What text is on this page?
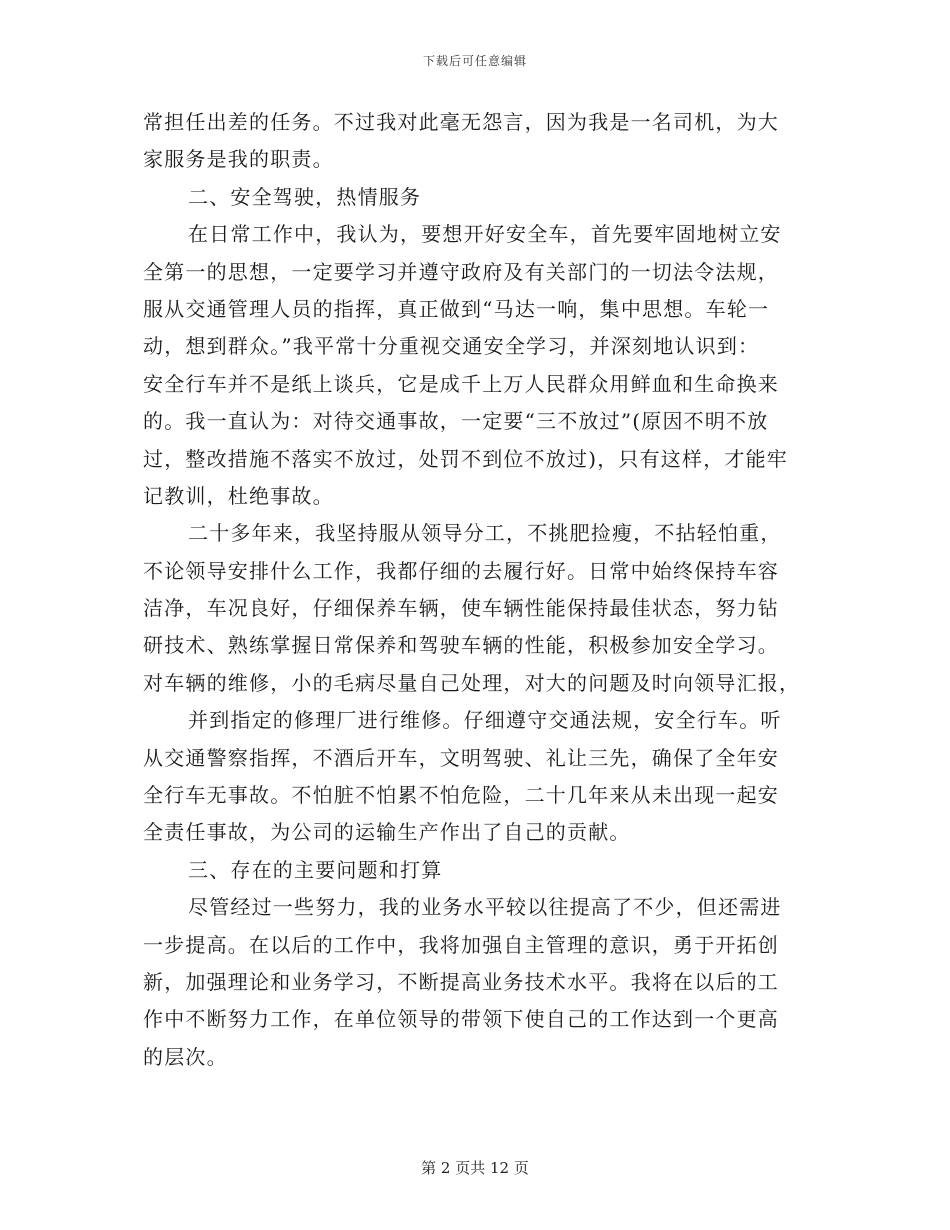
下载后可任意编辑
常担任出差的任务。不过我对此毫无怨言，因为我是一名司机，为大
家服务是我的职责。
二、安全驾驶，热情服务
在日常工作中，我认为，要想开好安全车，首先要牢固地树立安
全第一的思想，一定要学习并遵守政府及有关部门的一切法令法规，
服从交通管理人员的指挥，真正做到“马达一响，集中思想。车轮一
动，想到群众。”我平常十分重视交通安全学习，并深刻地认识到：
安全行车并不是纸上谈兵，它是成千上万人民群众用鲜血和生命换来
的。我一直认为：对待交通事故，一定要“三不放过”(原因不明不放
过，整改措施不落实不放过，处罚不到位不放过)，只有这样，才能牢
记教训，杜绝事故。
二十多年来，我坚持服从领导分工，不挑肥捡瘦，不拈轻怕重，
不论领导安排什么工作，我都仔细的去履行好。日常中始终保持车容
洁净，车况良好，仔细保养车辆，使车辆性能保持最佳状态，努力钻
研技术、熟练掌握日常保养和驾驶车辆的性能，积极参加安全学习。
对车辆的维修，小的毛病尽量自己处理，对大的问题及时向领导汇报，
并到指定的修理厂进行维修。仔细遵守交通法规，安全行车。听
从交通警察指挥，不酒后开车，文明驾驶、礼让三先，确保了全年安
全行车无事故。不怕脏不怕累不怕危险，二十几年来从未出现一起安
全责任事故，为公司的运输生产作出了自己的贡献。
三、存在的主要问题和打算
尽管经过一些努力，我的业务水平较以往提高了不少，但还需进
一步提高。在以后的工作中，我将加强自主管理的意识，勇于开拓创
新，加强理论和业务学习，不断提高业务技术水平。我将在以后的工
作中不断努力工作，在单位领导的带领下使自己的工作达到一个更高
的层次。
第 2 页共 12 页
